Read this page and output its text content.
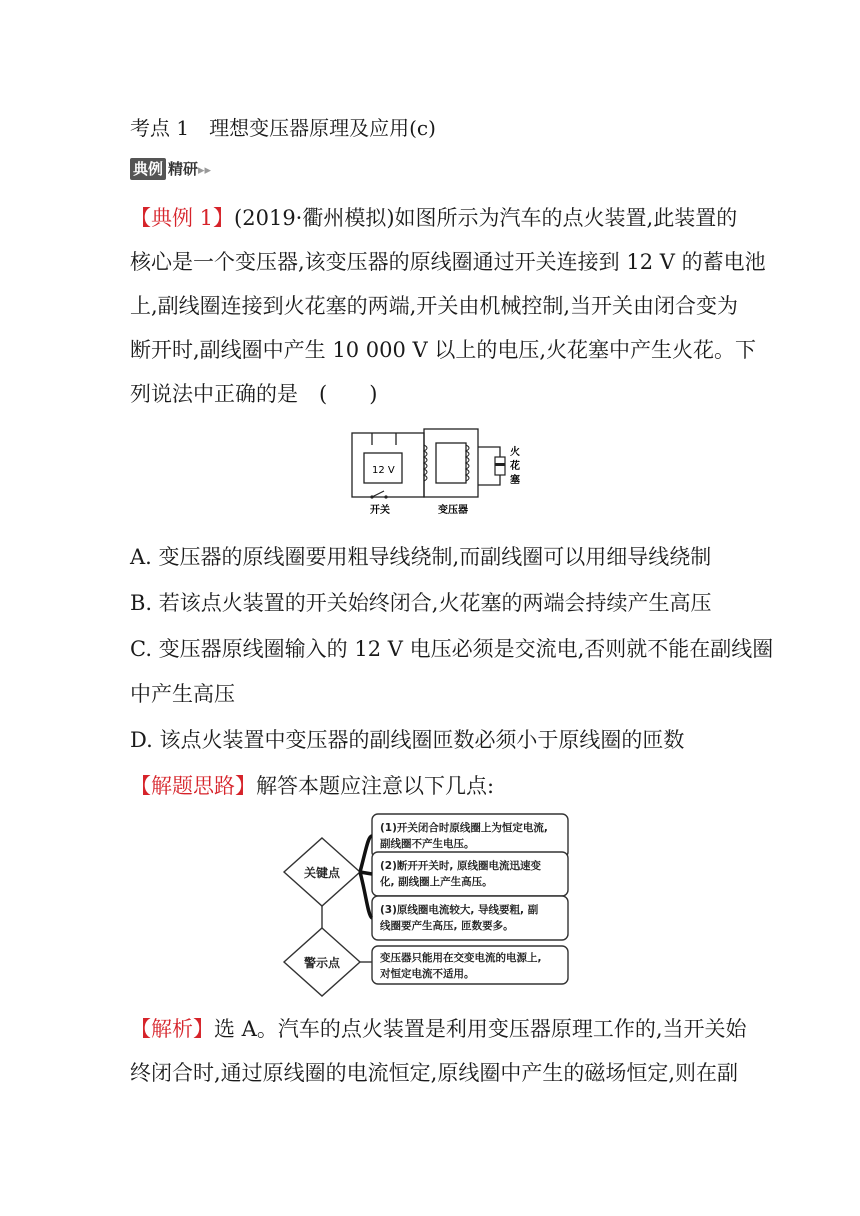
考点 1　理想变压器原理及应用(c)
典例 精研▸▸
【典例 1】(2019·衢州模拟)如图所示为汽车的点火装置,此装置的
核心是一个变压器,该变压器的原线圈通过开关连接到 12 V 的蓄电池
上,副线圈连接到火花塞的两端,开关由机械控制,当开关由闭合变为
断开时,副线圈中产生 10 000 V 以上的电压,火花塞中产生火花。下
列说法中正确的是　(　　)
12 V
开关	变压器
火
花
塞
A. 变压器的原线圈要用粗导线绕制,而副线圈可以用细导线绕制
B. 若该点火装置的开关始终闭合,火花塞的两端会持续产生高压
C. 变压器原线圈输入的 12 V 电压必须是交流电,否则就不能在副线圈
中产生高压
D. 该点火装置中变压器的副线圈匝数必须小于原线圈的匝数
【解题思路】解答本题应注意以下几点:
关键点
警示点
(1)开关闭合时原线圈上为恒定电流,
副线圈不产生电压。
(2)断开开关时, 原线圈电流迅速变
化, 副线圈上产生高压。
(3)原线圈电流较大, 导线要粗, 副
线圈要产生高压, 匝数要多。
变压器只能用在交变电流的电源上,
对恒定电流不适用。
【解析】选 A。汽车的点火装置是利用变压器原理工作的,当开关始
终闭合时,通过原线圈的电流恒定,原线圈中产生的磁场恒定,则在副
